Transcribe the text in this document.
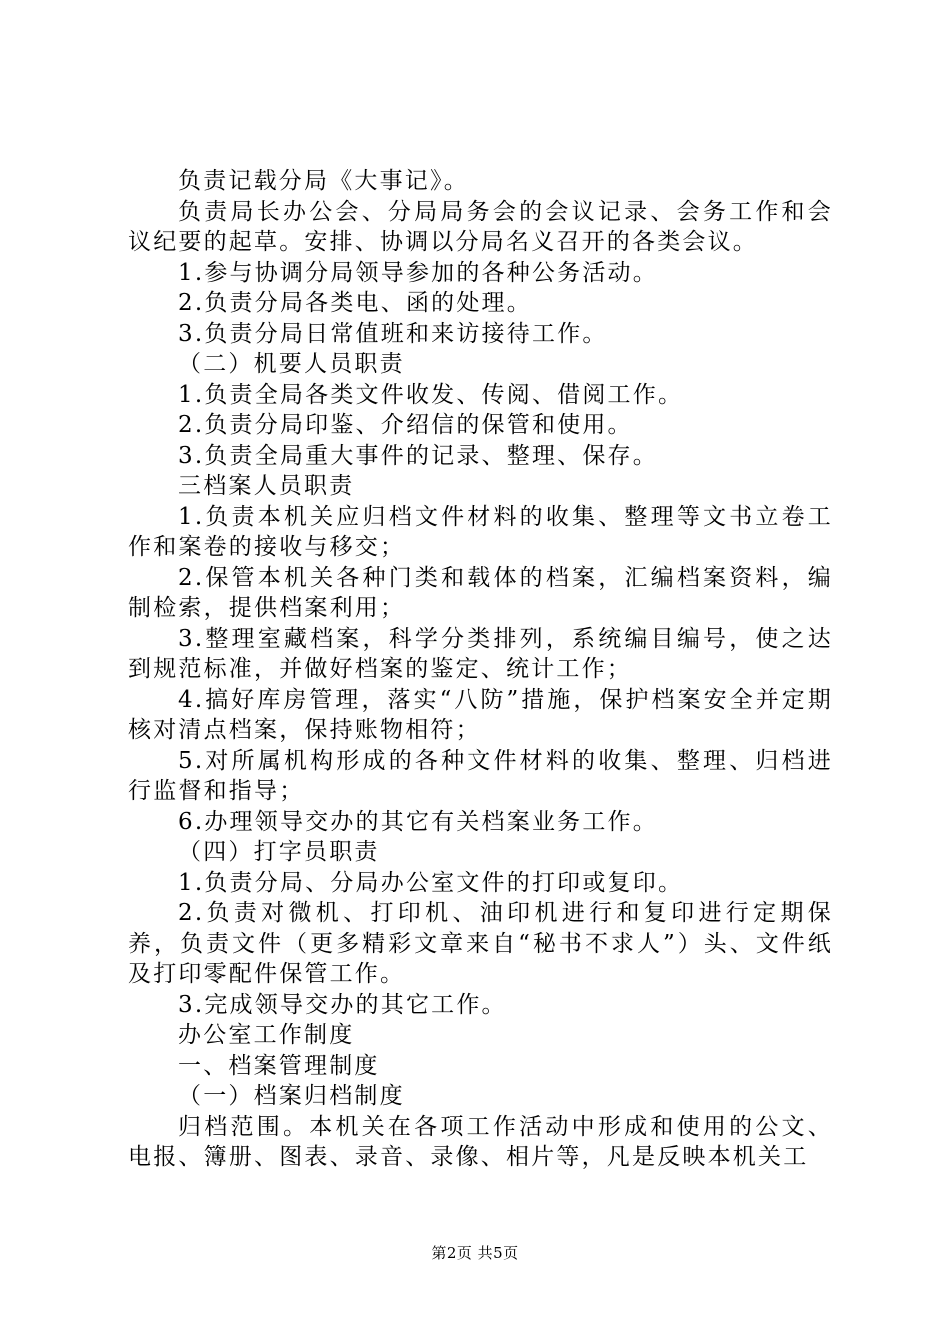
负责记载分局《大事记》。

负责局长办公会、分局局务会的会议记录、会务工作和会议纪要的起草。安排、协调以分局名义召开的各类会议。

1.参与协调分局领导参加的各种公务活动。

2.负责分局各类电、函的处理。

3.负责分局日常值班和来访接待工作。

（二）机要人员职责

1.负责全局各类文件收发、传阅、借阅工作。

2.负责分局印鉴、介绍信的保管和使用。

3.负责全局重大事件的记录、整理、保存。

三档案人员职责

1.负责本机关应归档文件材料的收集、整理等文书立卷工作和案卷的接收与移交；

2.保管本机关各种门类和载体的档案，汇编档案资料，编制检索，提供档案利用；

3.整理室藏档案，科学分类排列，系统编目编号，使之达到规范标准，并做好档案的鉴定、统计工作；

4.搞好库房管理，落实“八防”措施，保护档案安全并定期核对清点档案，保持账物相符；

5.对所属机构形成的各种文件材料的收集、整理、归档进行监督和指导；

6.办理领导交办的其它有关档案业务工作。

（四）打字员职责

1.负责分局、分局办公室文件的打印或复印。

2.负责对微机、打印机、油印机进行和复印进行定期保养，负责文件（更多精彩文章来自“秘书不求人”）头、文件纸及打印零配件保管工作。

3.完成领导交办的其它工作。

办公室工作制度

一、档案管理制度

（一）档案归档制度

归档范围。本机关在各项工作活动中形成和使用的公文、电报、簿册、图表、录音、录像、相片等，凡是反映本机关工

第2页 共5页
